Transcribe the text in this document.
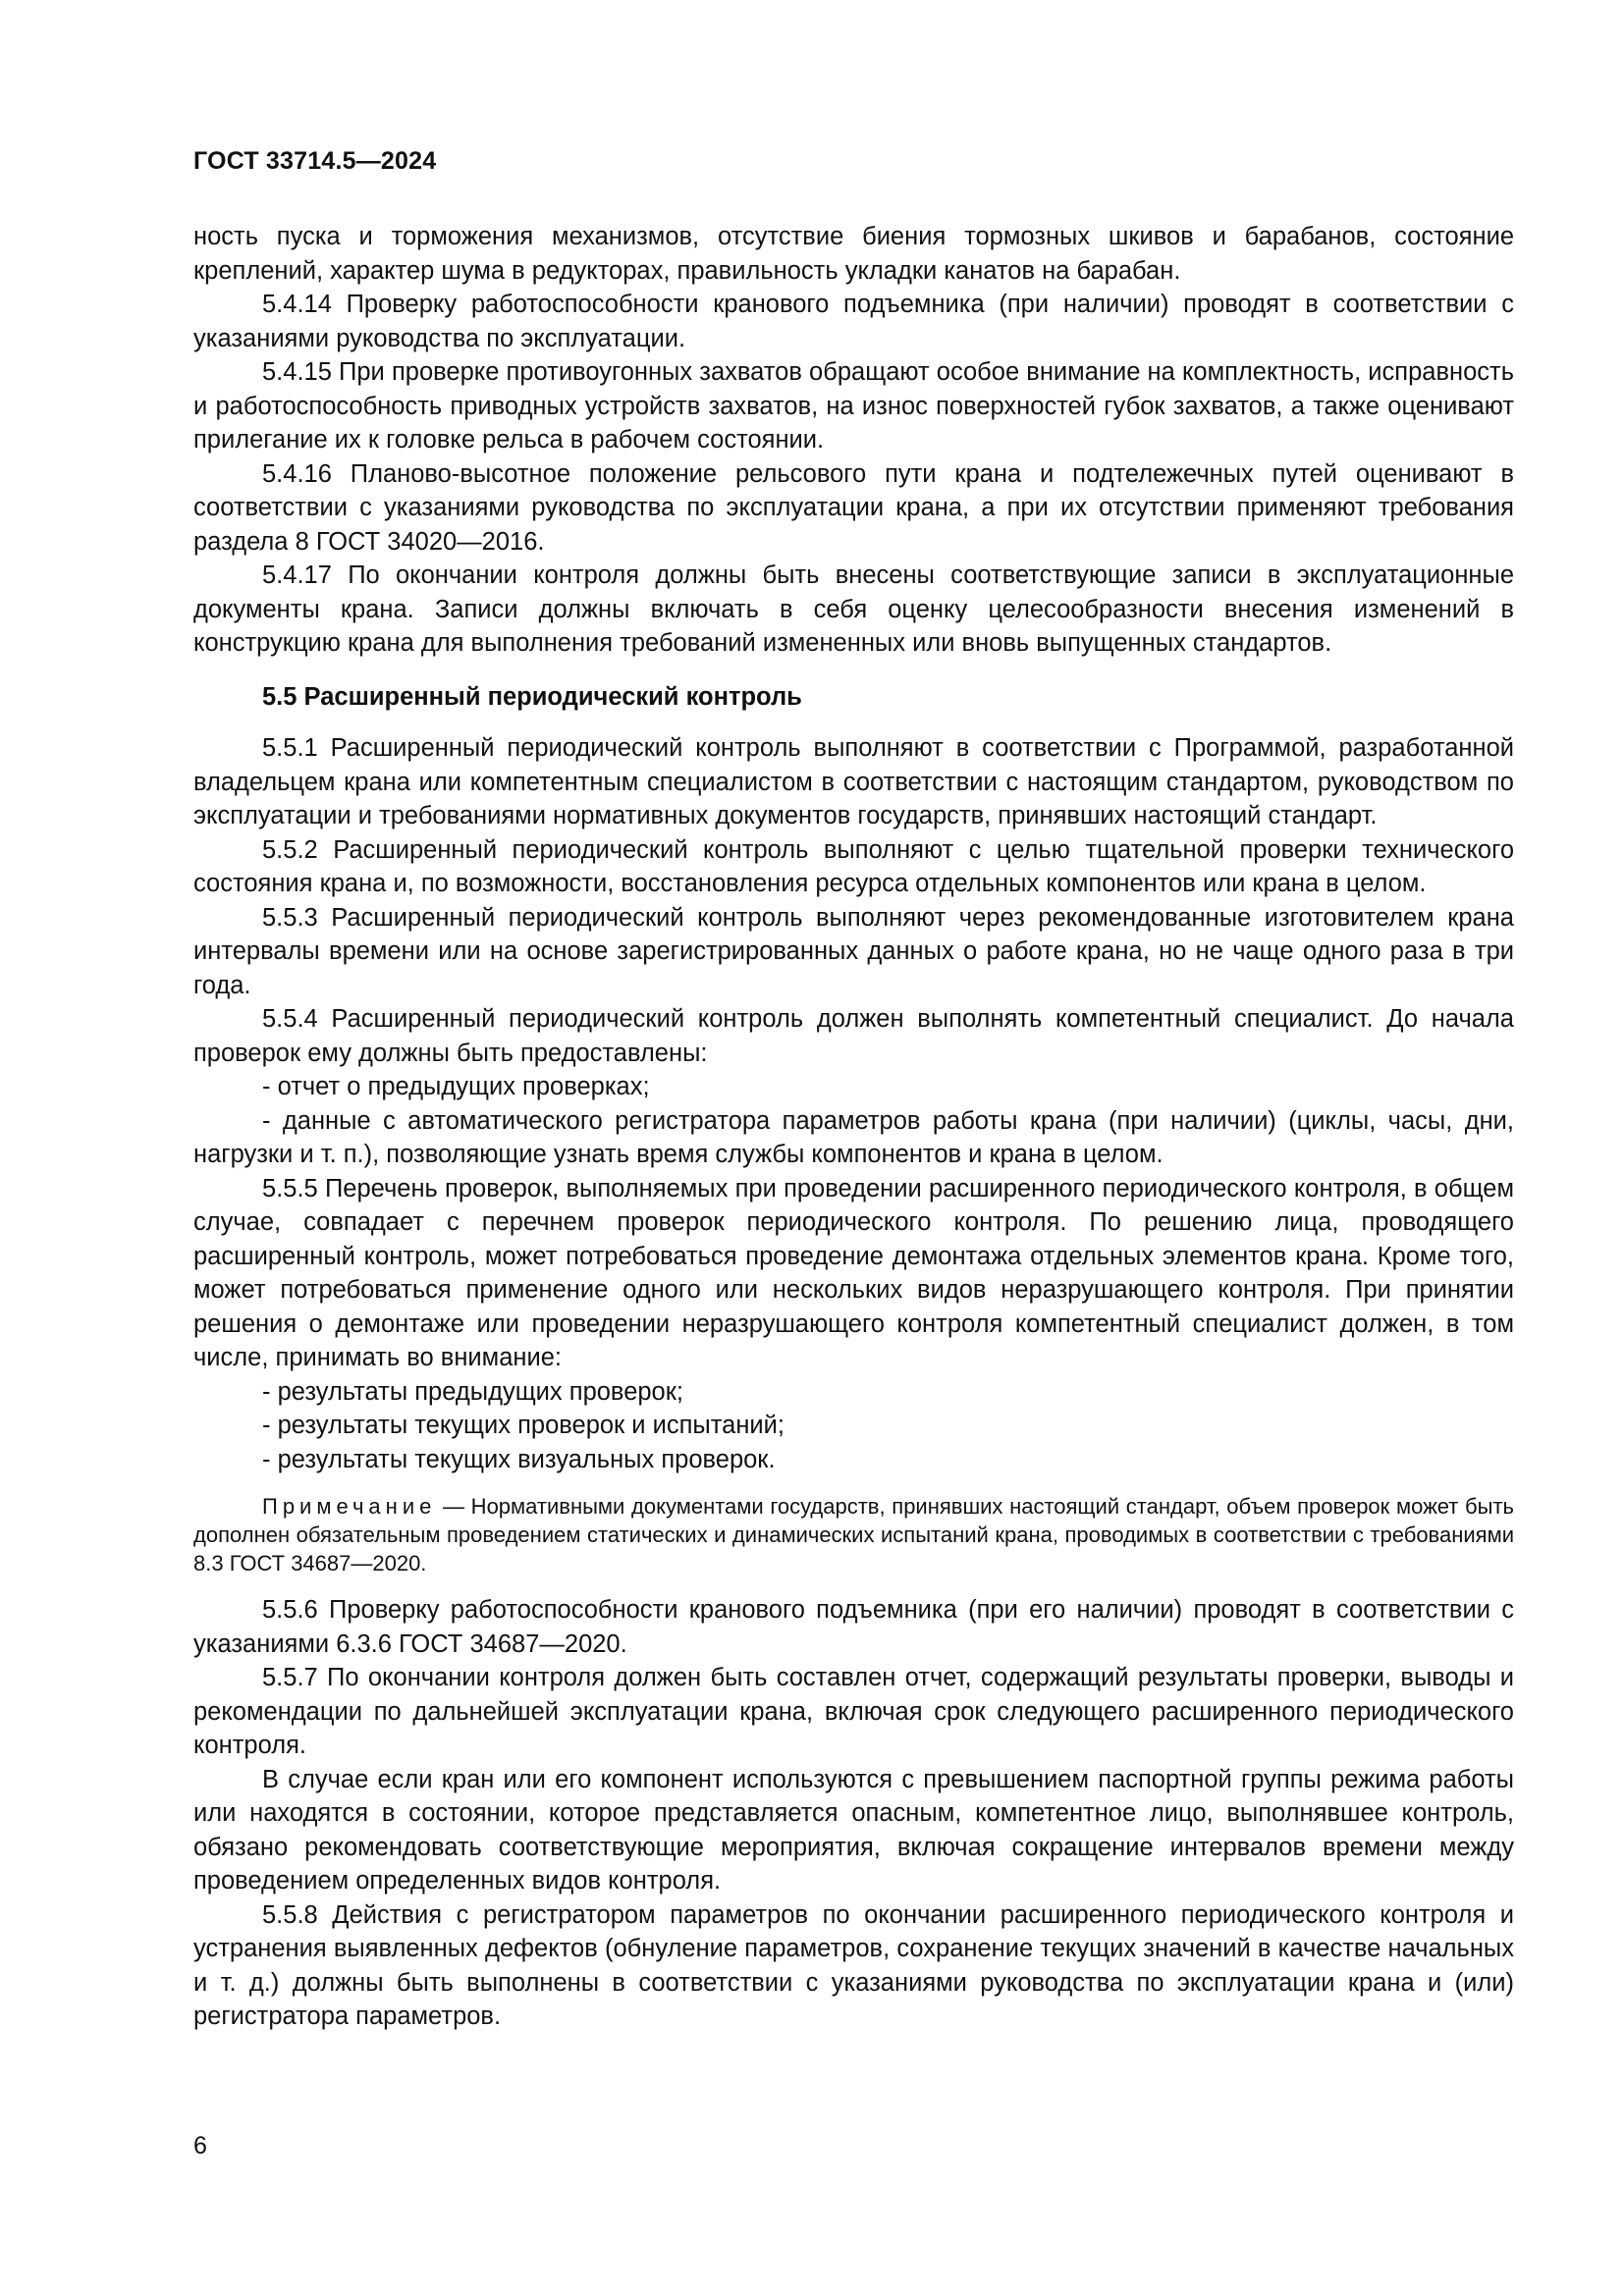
ГОСТ 33714.5—2024

ность пуска и торможения механизмов, отсутствие биения тормозных шкивов и барабанов, состояние креплений, характер шума в редукторах, правильность укладки канатов на барабан.

5.4.14 Проверку работоспособности кранового подъемника (при наличии) проводят в соответствии с указаниями руководства по эксплуатации.

5.4.15 При проверке противоугонных захватов обращают особое внимание на комплектность, исправность и работоспособность приводных устройств захватов, на износ поверхностей губок захватов, а также оценивают прилегание их к головке рельса в рабочем состоянии.

5.4.16 Планово-высотное положение рельсового пути крана и подтележечных путей оценивают в соответствии с указаниями руководства по эксплуатации крана, а при их отсутствии применяют требования раздела 8 ГОСТ 34020—2016.

5.4.17 По окончании контроля должны быть внесены соответствующие записи в эксплуатационные документы крана. Записи должны включать в себя оценку целесообразности внесения изменений в конструкцию крана для выполнения требований измененных или вновь выпущенных стандартов.

5.5 Расширенный периодический контроль

5.5.1 Расширенный периодический контроль выполняют в соответствии с Программой, разработанной владельцем крана или компетентным специалистом в соответствии с настоящим стандартом, руководством по эксплуатации и требованиями нормативных документов государств, принявших настоящий стандарт.

5.5.2 Расширенный периодический контроль выполняют с целью тщательной проверки технического состояния крана и, по возможности, восстановления ресурса отдельных компонентов или крана в целом.

5.5.3 Расширенный периодический контроль выполняют через рекомендованные изготовителем крана интервалы времени или на основе зарегистрированных данных о работе крана, но не чаще одного раза в три года.

5.5.4 Расширенный периодический контроль должен выполнять компетентный специалист. До начала проверок ему должны быть предоставлены:

- отчет о предыдущих проверках;

- данные с автоматического регистратора параметров работы крана (при наличии) (циклы, часы, дни, нагрузки и т. п.), позволяющие узнать время службы компонентов и крана в целом.

5.5.5 Перечень проверок, выполняемых при проведении расширенного периодического контроля, в общем случае, совпадает с перечнем проверок периодического контроля. По решению лица, проводящего расширенный контроль, может потребоваться проведение демонтажа отдельных элементов крана. Кроме того, может потребоваться применение одного или нескольких видов неразрушающего контроля. При принятии решения о демонтаже или проведении неразрушающего контроля компетентный специалист должен, в том числе, принимать во внимание:

- результаты предыдущих проверок;

- результаты текущих проверок и испытаний;

- результаты текущих визуальных проверок.

Примечание — Нормативными документами государств, принявших настоящий стандарт, объем проверок может быть дополнен обязательным проведением статических и динамических испытаний крана, проводимых в соответствии с требованиями 8.3 ГОСТ 34687—2020.

5.5.6 Проверку работоспособности кранового подъемника (при его наличии) проводят в соответствии с указаниями 6.3.6 ГОСТ 34687—2020.

5.5.7 По окончании контроля должен быть составлен отчет, содержащий результаты проверки, выводы и рекомендации по дальнейшей эксплуатации крана, включая срок следующего расширенного периодического контроля.

В случае если кран или его компонент используются с превышением паспортной группы режима работы или находятся в состоянии, которое представляется опасным, компетентное лицо, выполнявшее контроль, обязано рекомендовать соответствующие мероприятия, включая сокращение интервалов времени между проведением определенных видов контроля.

5.5.8 Действия с регистратором параметров по окончании расширенного периодического контроля и устранения выявленных дефектов (обнуление параметров, сохранение текущих значений в качестве начальных и т. д.) должны быть выполнены в соответствии с указаниями руководства по эксплуатации крана и (или) регистратора параметров.

6
